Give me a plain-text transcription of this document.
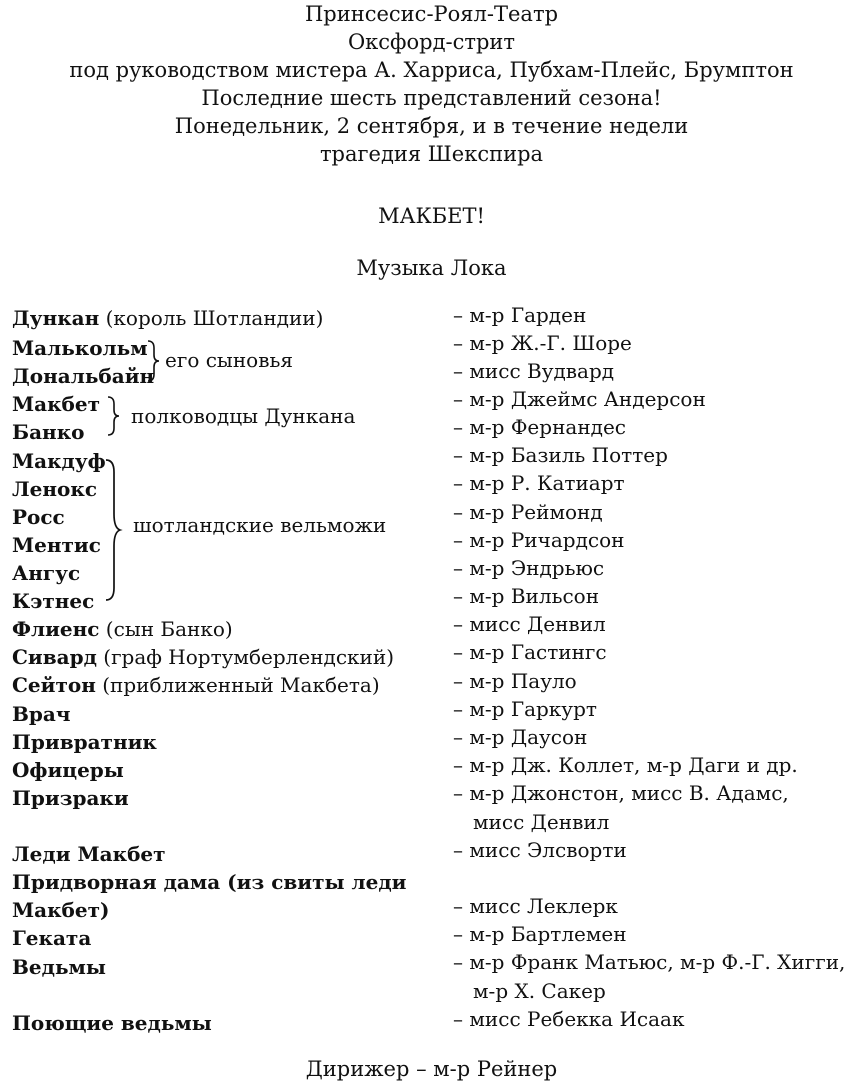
Принсесис-Роял-Театр
Оксфорд-стрит
под руководством мистера А. Харриса, Пубхам-Плейс, Брумптон
Последние шесть представлений сезона!
Понедельник, 2 сентября, и в течение недели
трагедия Шекспира
МАКБЕТ!
Музыка Лока
Дункан (король Шотландии)	– м-р Гарден
Малькольм	– м-р Ж.-Г. Шоре
Дональбайн	– мисс Вудвард
его сыновья
Макбет	– м-р Джеймс Андерсон
Банко	– м-р Фернандес
полководцы Дункана
Макдуф	– м-р Базиль Поттер
Ленокс	– м-р Р. Катиарт
Росс	– м-р Реймонд
Ментис	– м-р Ричардсон
Ангус	– м-р Эндрьюс
Кэтнес	– м-р Вильсон
шотландские вельможи
Флиенс (сын Банко)	– мисс Денвил
Сивард (граф Нортумберлендский)	– м-р Гастингс
Сейтон (приближенный Макбета)	– м-р Пауло
Врач	– м-р Гаркурт
Привратник	– м-р Даусон
Офицеры	– м-р Дж. Коллет, м-р Даги и др.
Призраки	– м-р Джонстон, мисс В. Адамс,
мисс Денвил
Леди Макбет	– мисс Элсворти
Придворная дама (из свиты леди
Макбет)	– мисс Леклерк
Геката	– м-р Бартлемен
Ведьмы	– м-р Франк Матьюс, м-р Ф.-Г. Хигги,
м-р Х. Сакер
Поющие ведьмы	– мисс Ребекка Исаак
Дирижер – м-р Рейнер
